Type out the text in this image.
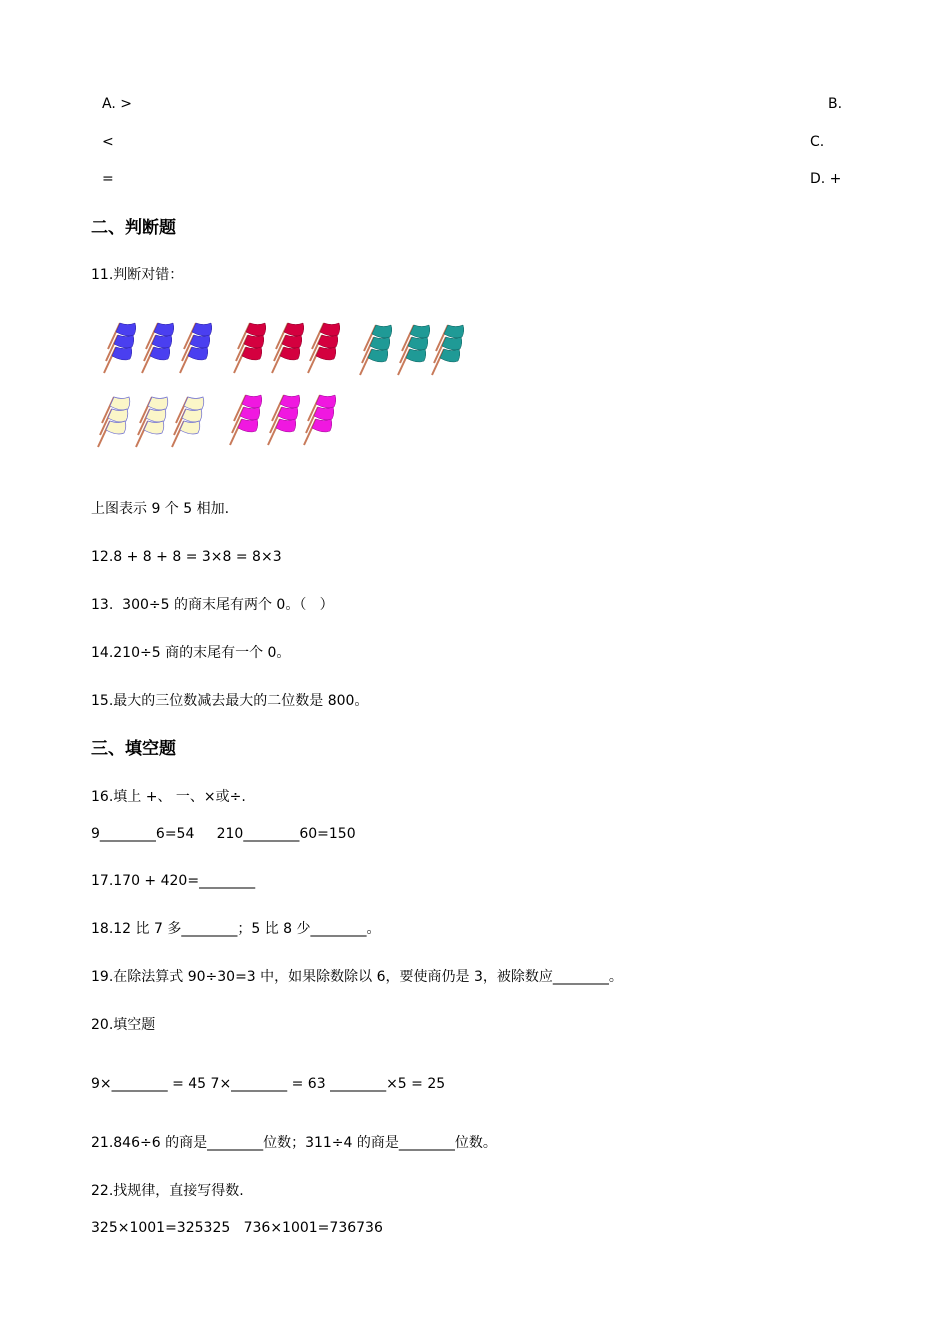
A. >	B.
<	C.
=	D. +
二、判断题
11.判断对错：
上图表示 9 个 5 相加.
12.8 + 8 + 8 = 3×8 = 8×3
13.  300÷5 的商末尾有两个 0。（   ）
14.210÷5 商的末尾有一个 0。
15.最大的三位数减去最大的二位数是 800。
三、填空题
16.填上 +、 一、×或÷.
9________6=54     210________60=150
17.170 + 420=________
18.12 比 7 多________；5 比 8 少________。
19.在除法算式 90÷30=3 中，如果除数除以 6，要使商仍是 3，被除数应________。
20.填空题
9×________ = 45 7×________ = 63 ________×5 = 25
21.846÷6 的商是________位数；311÷4 的商是________位数。
22.找规律，直接写得数.
325×1001=325325   736×1001=736736
